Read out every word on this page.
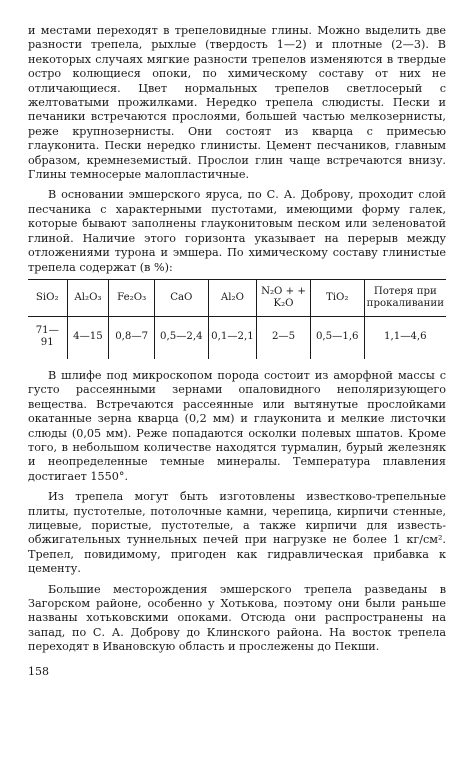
и местами переходят в трепеловидные глины. Можно выделить две разности трепела, рыхлые (твердость 1—2) и плотные (2—3). В некоторых случаях мягкие разности трепелов изменяются в твердые остро колющиеся опоки, по химическому составу от них не отличающиеся. Цвет нормальных трепелов светлосерый с желтоватыми прожилками. Нередко трепела слюдисты. Пески и печаники встречаются прослоями, большей частью мелкозернисты, реже крупнозернисты. Они состоят из кварца с примесью глауконита. Пески нередко глинисты. Цемент песчаников, главным образом, кремнеземистый. Прослои глин чаще встречаются внизу. Глины темносерые малопластичные.

В основании эмшерского яруса, по С. А. Доброву, проходит слой песчаника с характерными пустотами, имеющими форму галек, которые бывают заполнены глауконитовым песком или зеленоватой глиной. Наличие этого горизонта указывает на перерыв между отложениями турона и эмшера. По химическому составу глинистые трепела содержат (в %):

SiO₂	Al₂O₃	Fe₂O₃	CaO	Al₂O	N₂O + + K₂O	TiO₂	Потеря при прокаливании
71—91	4—15	0,8—7	0,5—2,4	0,1—2,1	2—5	0,5—1,6	1,1—4,6

В шлифе под микроскопом порода состоит из аморфной массы с густо рассеянными зернами опаловидного неполяризующего вещества. Встречаются рассеянные или вытянутые прослойками окатанные зерна кварца (0,2 мм) и глауконита и мелкие листочки слюды (0,05 мм). Реже попадаются осколки полевых шпатов. Кроме того, в небольшом количестве находятся турмалин, бурый железняк и неопределенные темные минералы. Температура плавления достигает 1550°.

Из трепела могут быть изготовлены известково-трепельные плиты, пустотелые, потолочные камни, черепица, кирпичи стенные, лицевые, пористые, пустотелые, а также кирпичи для известь-обжигательных туннельных печей при нагрузке не более 1 кг/см². Трепел, повидимому, пригоден как гидравлическая прибавка к цементу.

Большие месторождения эмшерского трепела разведаны в Загорском районе, особенно у Хотькова, поэтому они были раньше названы хотьковскими опоками. Отсюда они распространены на запад, по С. А. Доброву до Клинского района. На восток трепела переходят в Ивановскую область и прослежены до Пекши.

158
